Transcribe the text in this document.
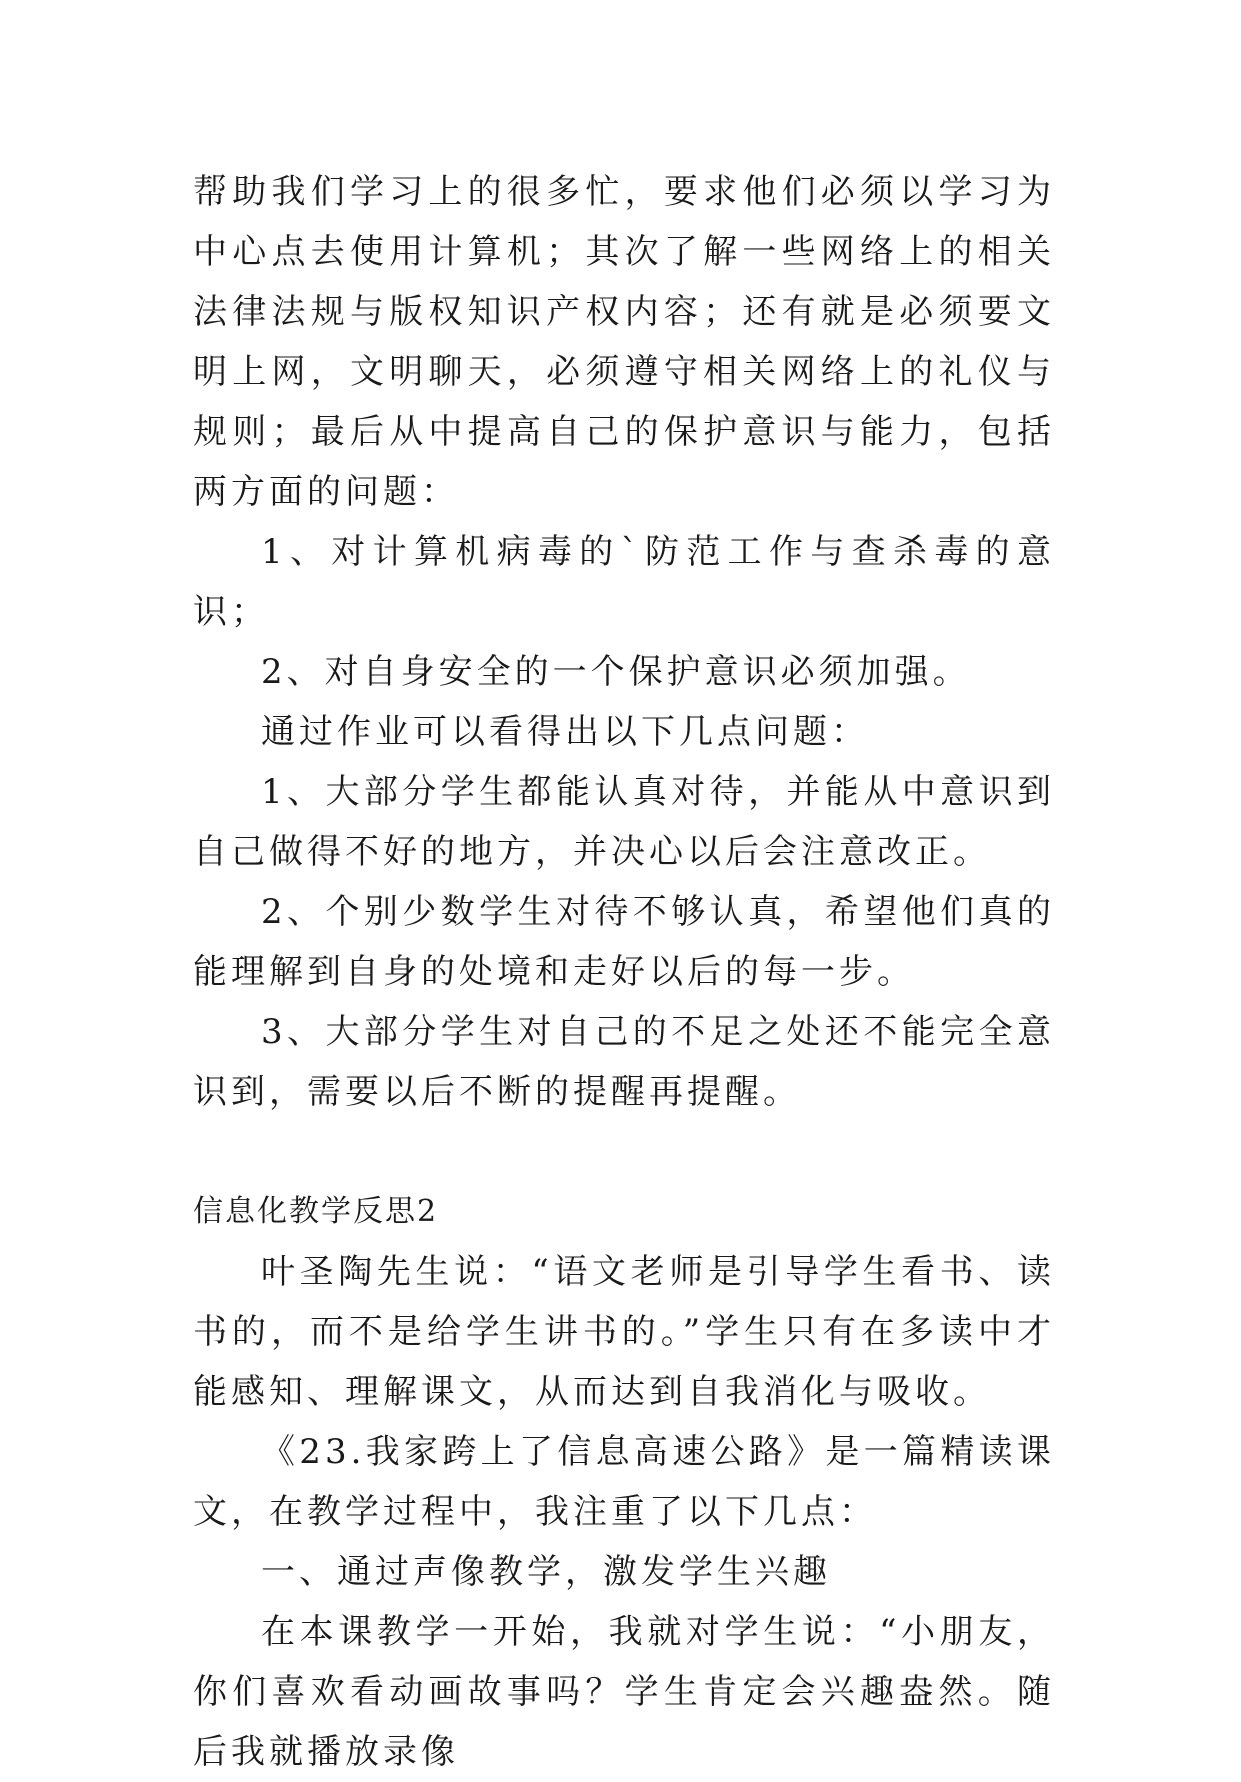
帮助我们学习上的很多忙，要求他们必须以学习为中心点去使用计算机；其次了解一些网络上的相关法律法规与版权知识产权内容；还有就是必须要文明上网，文明聊天，必须遵守相关网络上的礼仪与规则；最后从中提高自己的保护意识与能力，包括两方面的问题：

1、对计算机病毒的`防范工作与查杀毒的意识；

2、对自身安全的一个保护意识必须加强。

通过作业可以看得出以下几点问题：

1、大部分学生都能认真对待，并能从中意识到自己做得不好的地方，并决心以后会注意改正。

2、个别少数学生对待不够认真，希望他们真的能理解到自身的处境和走好以后的每一步。

3、大部分学生对自己的不足之处还不能完全意识到，需要以后不断的提醒再提醒。

信息化教学反思2

叶圣陶先生说：“语文老师是引导学生看书、读书的，而不是给学生讲书的。”学生只有在多读中才能感知、理解课文，从而达到自我消化与吸收。

《23.我家跨上了信息高速公路》是一篇精读课文，在教学过程中，我注重了以下几点：

一、通过声像教学，激发学生兴趣

在本课教学一开始，我就对学生说：“小朋友，你们喜欢看动画故事吗？学生肯定会兴趣盎然。随后我就播放录像
